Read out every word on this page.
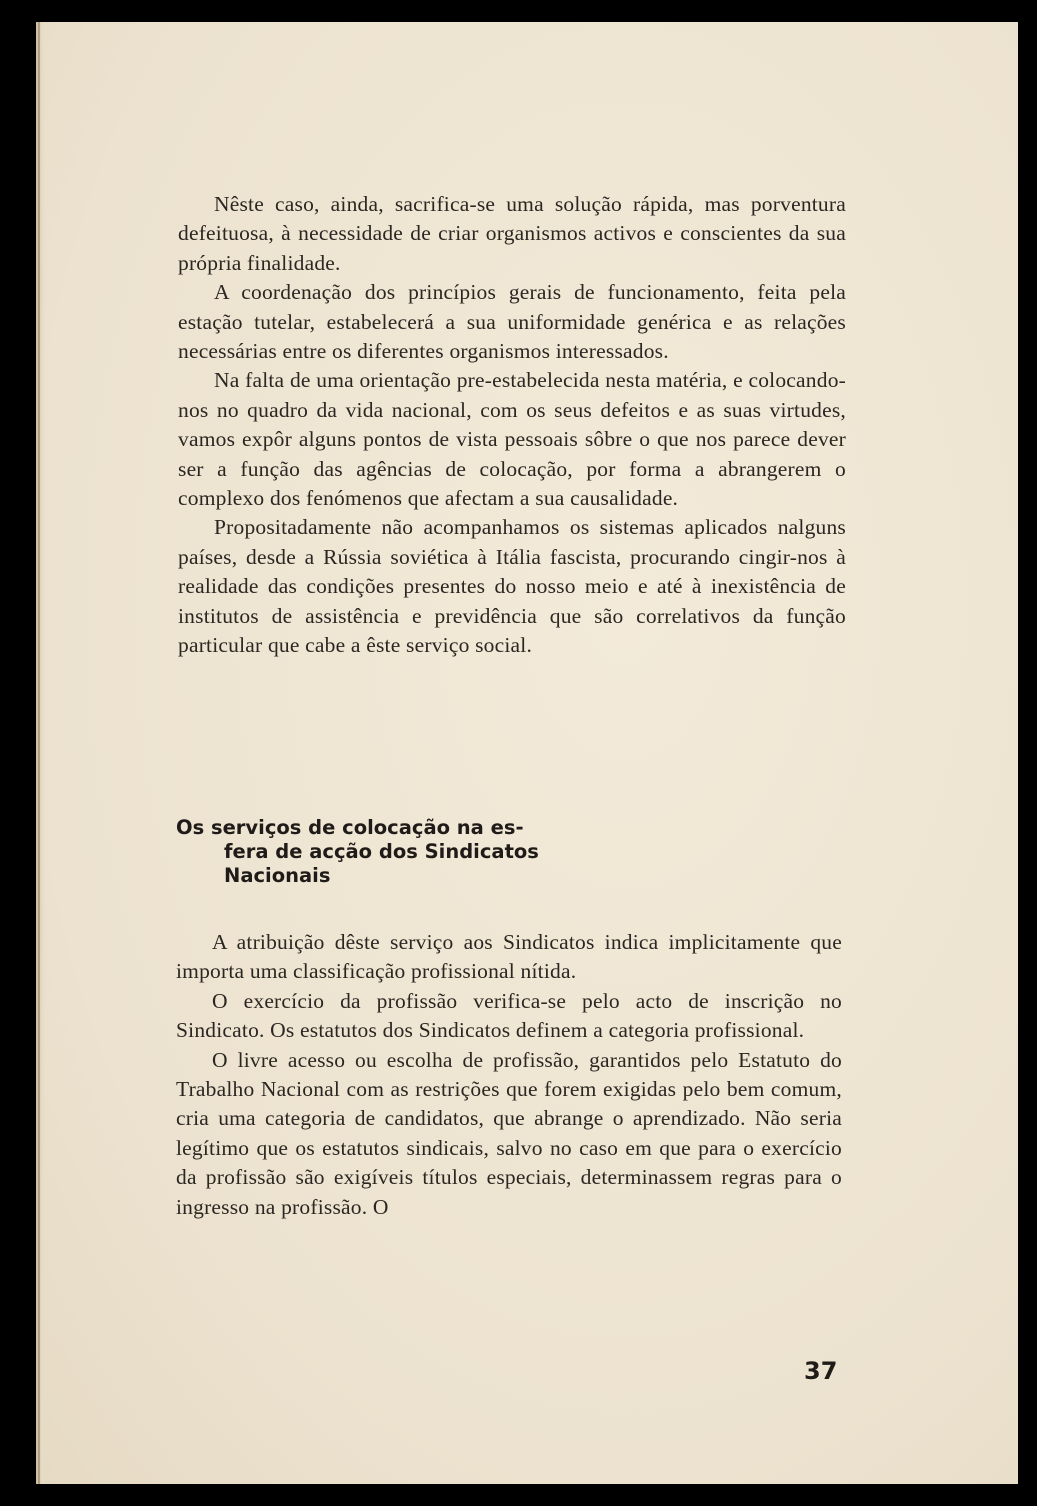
Nêste caso, ainda, sacrifica-se uma solução rápida, mas porventura defeituosa, à necessidade de criar organismos activos e conscientes da sua própria finalidade.

A coordenação dos princípios gerais de funcionamento, feita pela estação tutelar, estabelecerá a sua uniformidade genérica e as relações necessárias entre os diferentes organismos interessados.

Na falta de uma orientação pre-estabelecida nesta matéria, e colocando-nos no quadro da vida nacional, com os seus defeitos e as suas virtudes, vamos expôr alguns pontos de vista pessoais sôbre o que nos parece dever ser a função das agências de colocação, por forma a abrangerem o complexo dos fenómenos que afectam a sua causalidade.

Propositadamente não acompanhamos os sistemas aplicados nalguns países, desde a Rússia soviética à Itália fascista, procurando cingir-nos à realidade das condições presentes do nosso meio e até à inexistência de institutos de assistência e previdência que são correlativos da função particular que cabe a êste serviço social.

Os serviços de colocação na es-
fera de acção dos Sindicatos
Nacionais

A atribuição dêste serviço aos Sindicatos indica implicitamente que importa uma classificação profissional nítida.

O exercício da profissão verifica-se pelo acto de inscrição no Sindicato. Os estatutos dos Sindicatos definem a categoria profissional.

O livre acesso ou escolha de profissão, garantidos pelo Estatuto do Trabalho Nacional com as restrições que forem exigidas pelo bem comum, cria uma categoria de candidatos, que abrange o aprendizado. Não seria legítimo que os estatutos sindicais, salvo no caso em que para o exercício da profissão são exigíveis títulos especiais, determinassem regras para o ingresso na profissão. O

37
